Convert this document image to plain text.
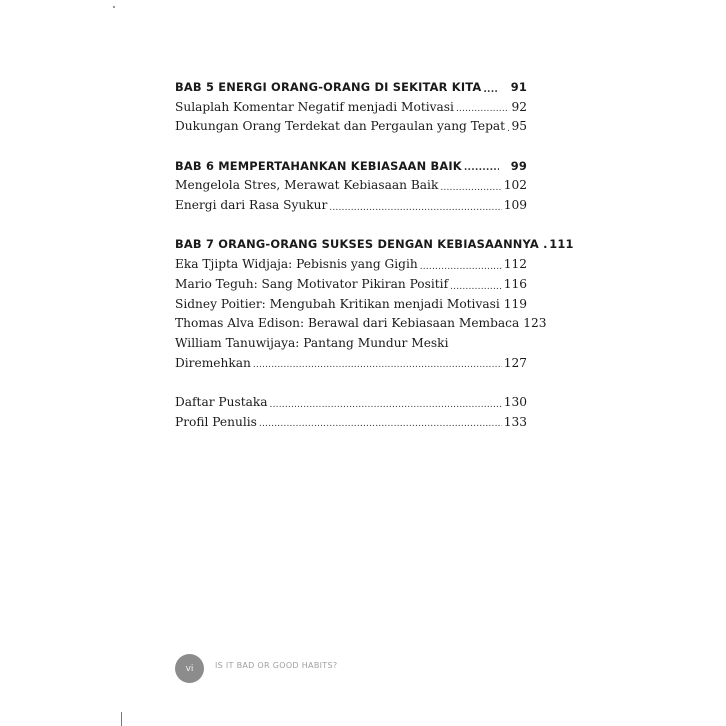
BAB 5 ENERGI ORANG-ORANG DI SEKITAR KITA .....	91
Sulaplah Komentar Negatif menjadi Motivasi .....	92
Dukungan Orang Terdekat dan Pergaulan yang Tepat ..... 95
BAB 6 MEMPERTAHANKAN KEBIASAAN BAIK .....	99
Mengelola Stres, Merawat Kebiasaan Baik .....	102
Energi dari Rasa Syukur .....	109
BAB 7 ORANG-ORANG SUKSES DENGAN KEBIASAANNYA . 111
Eka Tjipta Widjaja: Pebisnis yang Gigih .....	112
Mario Teguh: Sang Motivator Pikiran Positif .....	116
Sidney Poitier: Mengubah Kritikan menjadi Motivasi 119
Thomas Alva Edison: Berawal dari Kebiasaan Membaca 123
William Tanuwijaya: Pantang Mundur Meski
Diremehkan .....	127
Daftar Pustaka .....	130
Profil Penulis .....	133
vi	IS IT BAD OR GOOD HABITS?
